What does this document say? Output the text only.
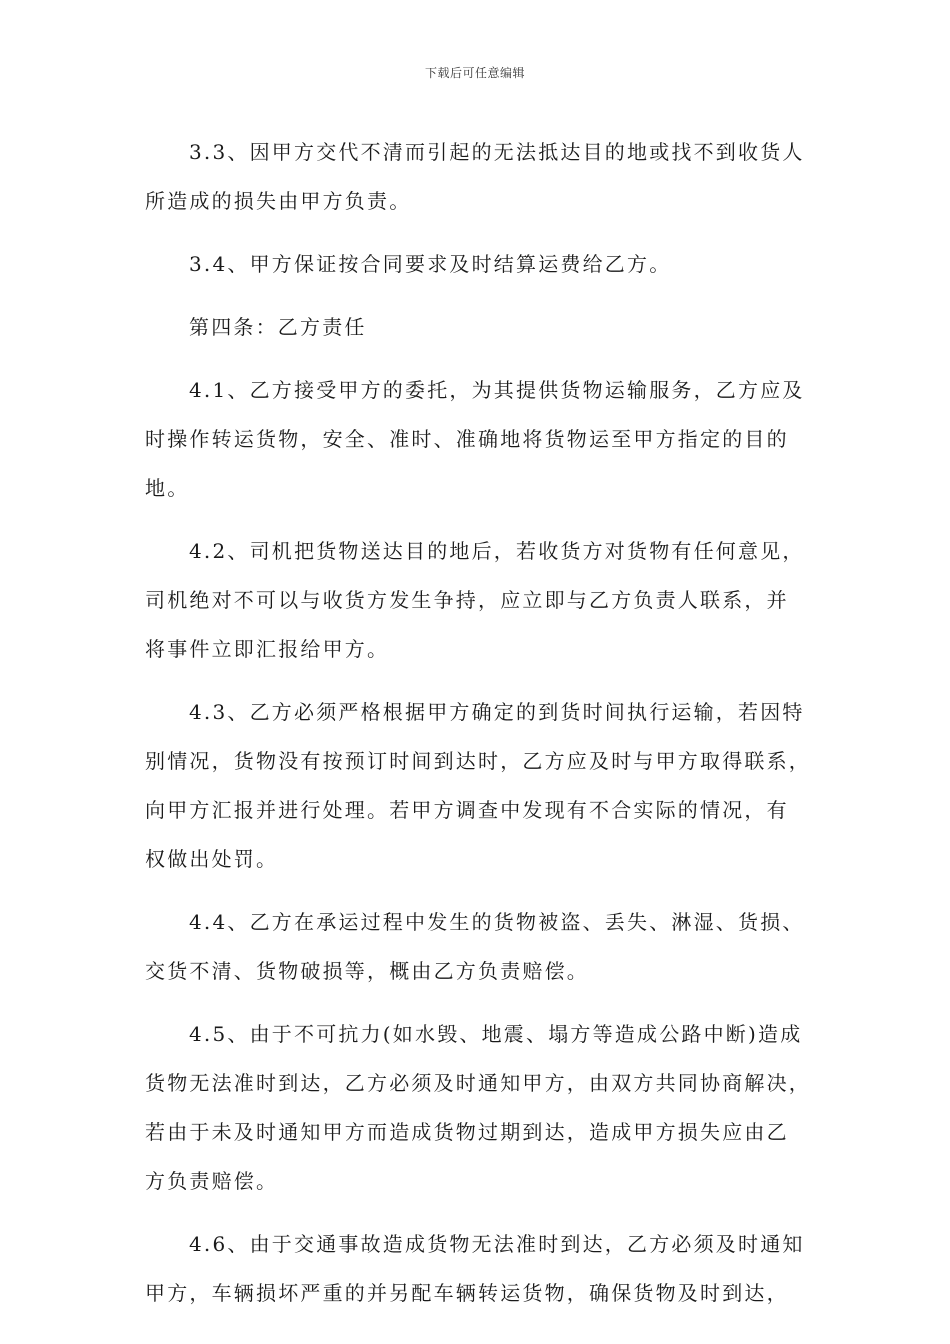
下载后可任意编辑
3.3、因甲方交代不清而引起的无法抵达目的地或找不到收货人
所造成的损失由甲方负责。
3.4、甲方保证按合同要求及时结算运费给乙方。
第四条：乙方责任
4.1、乙方接受甲方的委托，为其提供货物运输服务，乙方应及
时操作转运货物，安全、准时、准确地将货物运至甲方指定的目的
地。
4.2、司机把货物送达目的地后，若收货方对货物有任何意见，
司机绝对不可以与收货方发生争持，应立即与乙方负责人联系，并
将事件立即汇报给甲方。
4.3、乙方必须严格根据甲方确定的到货时间执行运输，若因特
别情况，货物没有按预订时间到达时，乙方应及时与甲方取得联系，
向甲方汇报并进行处理。若甲方调查中发现有不合实际的情况，有
权做出处罚。
4.4、乙方在承运过程中发生的货物被盗、丢失、淋湿、货损、
交货不清、货物破损等，概由乙方负责赔偿。
4.5、由于不可抗力(如水毁、地震、塌方等造成公路中断)造成
货物无法准时到达，乙方必须及时通知甲方，由双方共同协商解决，
若由于未及时通知甲方而造成货物过期到达，造成甲方损失应由乙
方负责赔偿。
4.6、由于交通事故造成货物无法准时到达，乙方必须及时通知
甲方，车辆损坏严重的并另配车辆转运货物，确保货物及时到达，
